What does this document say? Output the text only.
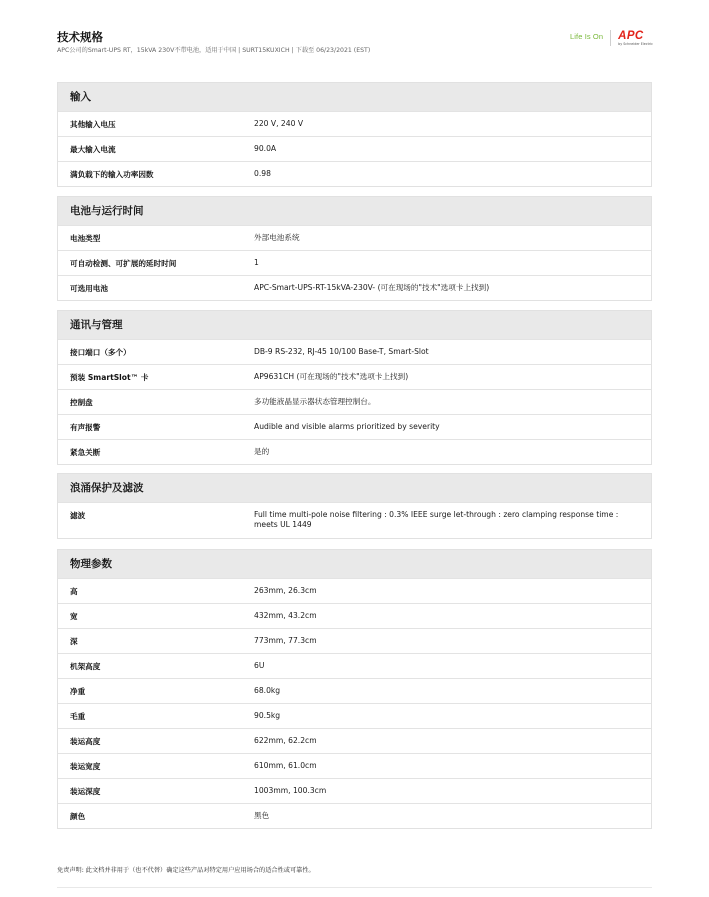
技术规格
APC公司的Smart-UPS RT，15kVA 230V不带电池，适用于中国 | SURT15KUXICH | 下载至 06/23/2021 (EST)
Life Is On APC
by Schneider Electric
输入
其他输入电压	220 V, 240 V
最大输入电流	90.0A
满负载下的输入功率因数	0.98
电池与运行时间
电池类型	外部电池系统
可自动检测、可扩展的延时时间	1
可选用电池	APC-Smart-UPS-RT-15kVA-230V- (可在现场的"技术"选项卡上找到)
通讯与管理
接口端口（多个）	DB-9 RS-232, RJ-45 10/100 Base-T, Smart-Slot
预装 SmartSlot™ 卡	AP9631CH (可在现场的"技术"选项卡上找到)
控制盘	多功能液晶显示器状态管理控制台。
有声报警	Audible and visible alarms prioritized by severity
紧急关断	是的
浪涌保护及滤波
滤波	Full time multi-pole noise filtering : 0.3% IEEE surge let-through : zero clamping response time : meets UL 1449
物理参数
高	263mm, 26.3cm
宽	432mm, 43.2cm
深	773mm, 77.3cm
机架高度	6U
净重	68.0kg
毛重	90.5kg
装运高度	622mm, 62.2cm
装运宽度	610mm, 61.0cm
装运深度	1003mm, 100.3cm
颜色	黑色
免责声明: 此文档并非用于（也不代替）确定这些产品对特定用户应用场合的适合性或可靠性。
